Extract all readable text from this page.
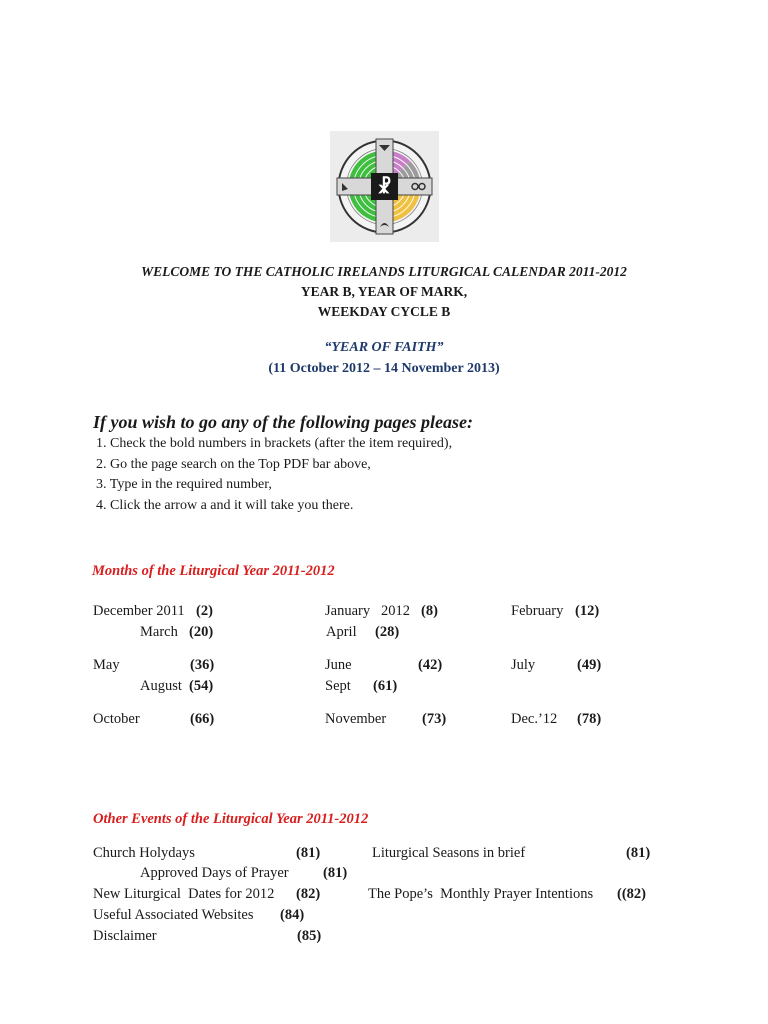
☧
WELCOME TO THE CATHOLIC IRELANDS LITURGICAL CALENDAR 2011-2012
YEAR B, YEAR OF MARK,
WEEKDAY CYCLE B
“YEAR OF FAITH”
(11 October 2012 – 14 November 2013)
If you wish to go any of the following pages please:
1. Check the bold numbers in brackets (after the item required),
2. Go the page search on the Top PDF bar above,
3. Type in the required number,
4. Click the arrow a and it will take you there.
Months of the Liturgical Year 2011-2012
December 2011 (2)	January   2012 (8)	February (12)
March (20)	April (28)
May	(36)	June	(42)	July	(49)
August (54)	Sept (61)
October	(66)	November (73)	Dec.’12 (78)
Other Events of the Liturgical Year 2011-2012
Church Holydays	(81)	Liturgical Seasons in brief	(81)
Approved Days of Prayer (81)
New Liturgical  Dates for 2012 (82)	The Pope’s  Monthly Prayer Intentions ((82)
Useful Associated Websites (84)
Disclaimer	(85)
